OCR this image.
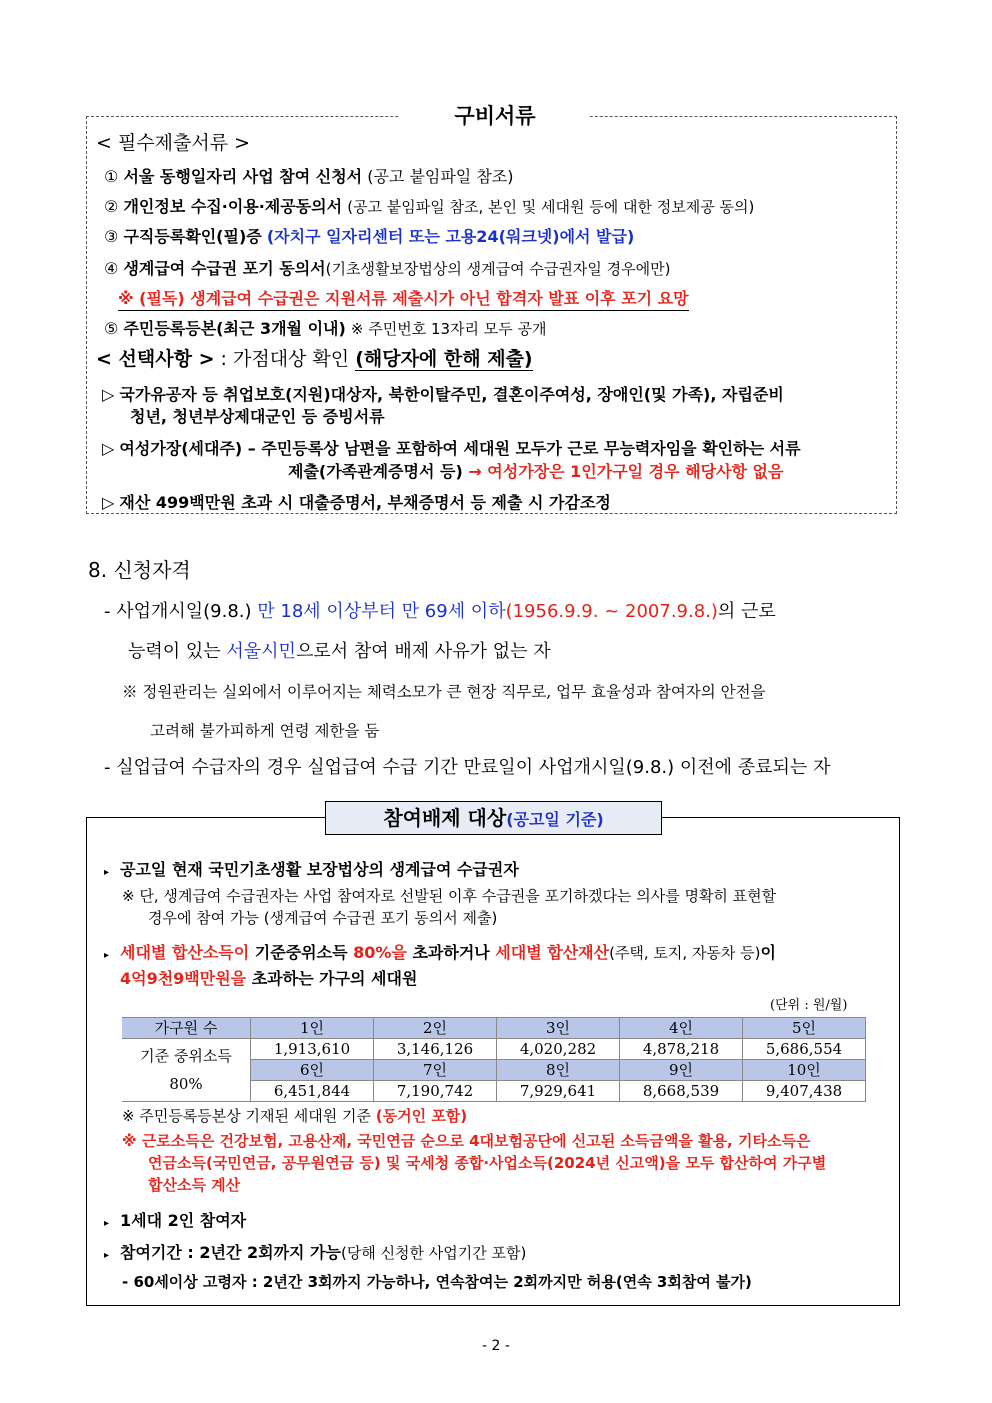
구비서류
< 필수제출서류 >
① 서울 동행일자리 사업 참여 신청서 (공고 붙임파일 참조)
② 개인정보 수집·이용·제공동의서 (공고 붙임파일 참조, 본인 및 세대원 등에 대한 정보제공 동의)
③ 구직등록확인(필)증 (자치구 일자리센터 또는 고용24(워크넷)에서 발급)
④ 생계급여 수급권 포기 동의서(기초생활보장법상의 생계급여 수급권자일 경우에만)
※ (필독) 생계급여 수급권은 지원서류 제출시가 아닌 합격자 발표 이후 포기 요망
⑤ 주민등록등본(최근 3개월 이내) ※ 주민번호 13자리 모두 공개
< 선택사항 > : 가점대상 확인 (해당자에 한해 제출)
▷ 국가유공자 등 취업보호(지원)대상자, 북한이탈주민, 결혼이주여성, 장애인(및 가족), 자립준비
청년, 청년부상제대군인 등 증빙서류
▷ 여성가장(세대주) – 주민등록상 남편을 포함하여 세대원 모두가 근로 무능력자임을 확인하는 서류
제출(가족관계증명서 등) → 여성가장은 1인가구일 경우 해당사항 없음
▷ 재산 499백만원 초과 시 대출증명서, 부채증명서 등 제출 시 가감조정
8. 신청자격
- 사업개시일(9.8.) 만 18세 이상부터 만 69세 이하(1956.9.9. ~ 2007.9.8.)의 근로
능력이 있는 서울시민으로서 참여 배제 사유가 없는 자
※ 정원관리는 실외에서 이루어지는 체력소모가 큰 현장 직무로, 업무 효율성과 참여자의 안전을
고려해 불가피하게 연령 제한을 둠
- 실업급여 수급자의 경우 실업급여 수급 기간 만료일이 사업개시일(9.8.) 이전에 종료되는 자
참여배제 대상(공고일 기준)
▸ 공고일 현재 국민기초생활 보장법상의 생계급여 수급권자
※ 단, 생계급여 수급권자는 사업 참여자로 선발된 이후 수급권을 포기하겠다는 의사를 명확히 표현할
경우에 참여 가능 (생계급여 수급권 포기 동의서 제출)
▸ 세대별 합산소득이 기준중위소득 80%을 초과하거나 세대별 합산재산(주택, 토지, 자동차 등)이
4억9천9백만원을 초과하는 가구의 세대원
(단위 : 원/월)
가구원 수	1인	2인	3인	4인	5인
기준 중위소득
80%	1,913,610	3,146,126	4,020,282	4,878,218	5,686,554
	6인	7인	8인	9인	10인
	6,451,844	7,190,742	7,929,641	8,668,539	9,407,438
※ 주민등록등본상 기재된 세대원 기준 (동거인 포함)
※ 근로소득은 건강보험, 고용산재, 국민연금 순으로 4대보험공단에 신고된 소득금액을 활용, 기타소득은
연금소득(국민연금, 공무원연금 등) 및 국세청 종합·사업소득(2024년 신고액)을 모두 합산하여 가구별
합산소득 계산
▸ 1세대 2인 참여자
▸ 참여기간 : 2년간 2회까지 가능(당해 신청한 사업기간 포함)
- 60세이상 고령자 : 2년간 3회까지 가능하나, 연속참여는 2회까지만 허용(연속 3회참여 불가)
- 2 -
